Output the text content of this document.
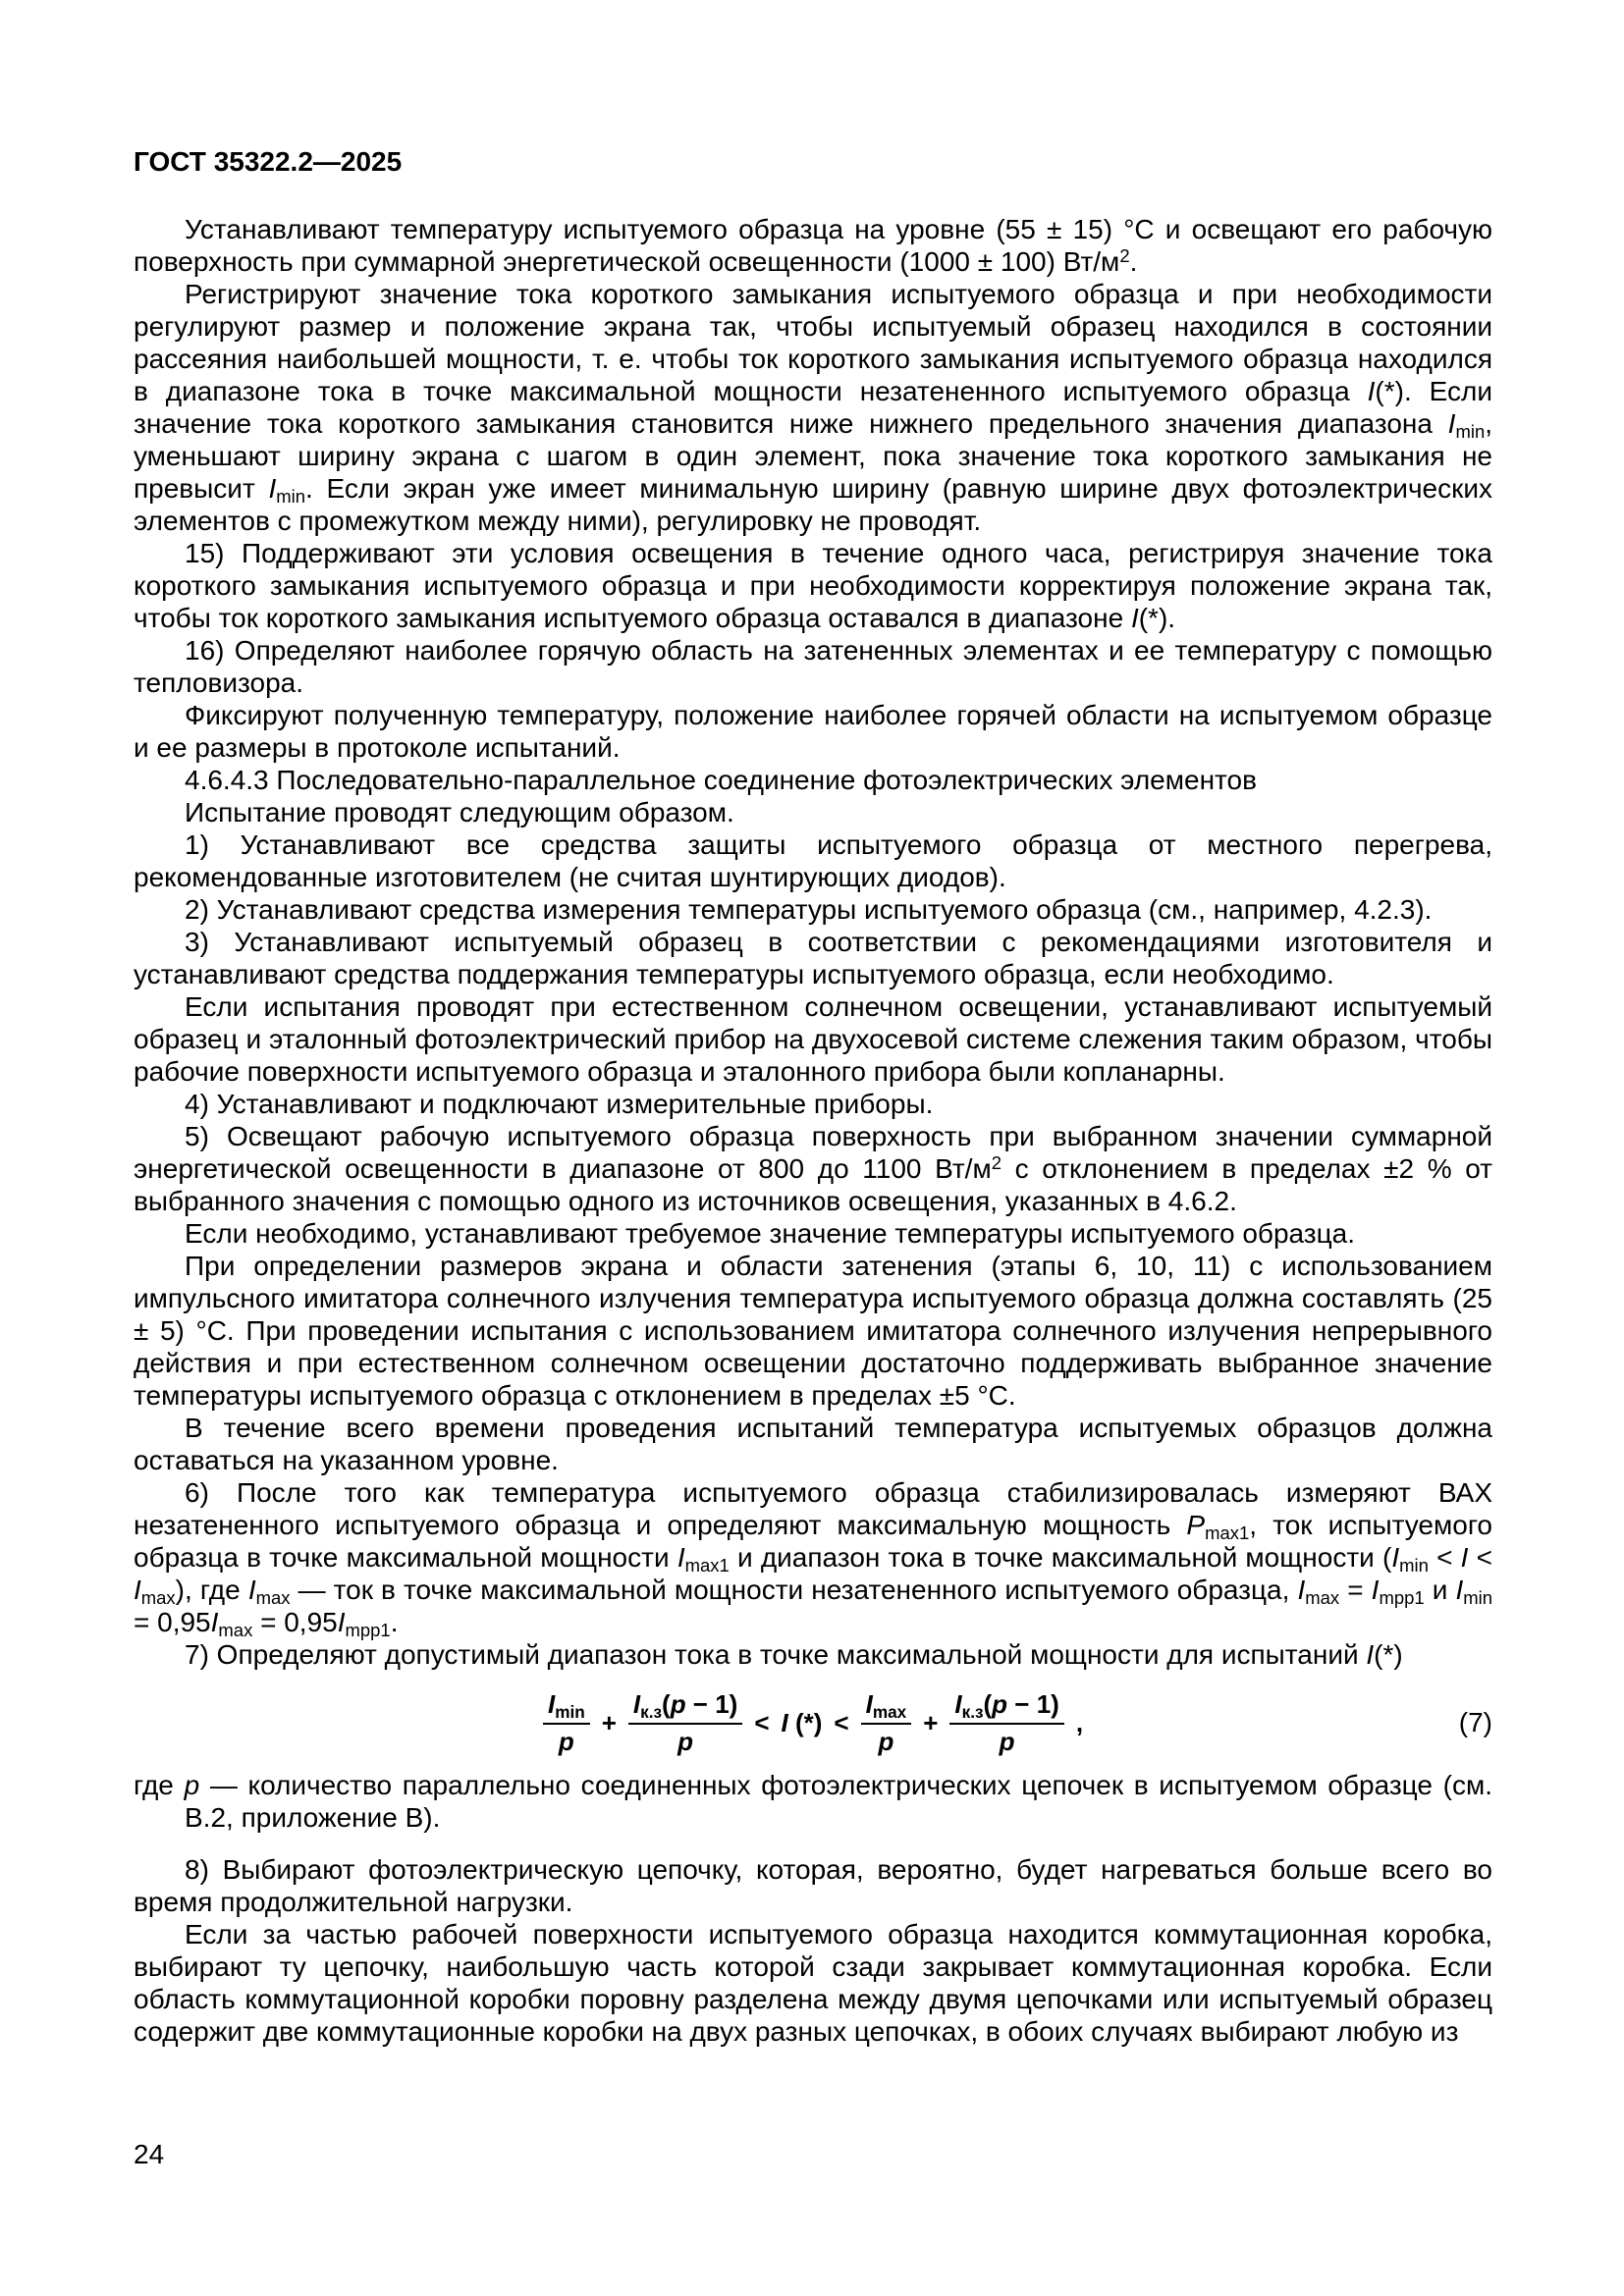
ГОСТ 35322.2—2025

Устанавливают температуру испытуемого образца на уровне (55 ± 15) °С и освещают его рабочую поверхность при суммарной энергетической освещенности (1000 ± 100) $Вт/м^2$.

Регистрируют значение тока короткого замыкания испытуемого образца и при необходимости регулируют размер и положение экрана так, чтобы испытуемый образец находился в состоянии рассеяния наибольшей мощности, т. е. чтобы ток короткого замыкания испытуемого образца находился в диапазоне тока в точке максимальной мощности незатененного испытуемого образца I(*). Если значение тока короткого замыкания становится ниже нижнего предельного значения диапазона $I_{min}$, уменьшают ширину экрана с шагом в один элемент, пока значение тока короткого замыкания не превысит $I_{min}$. Если экран уже имеет минимальную ширину (равную ширине двух фотоэлектрических элементов с промежутком между ними), регулировку не проводят.

15) Поддерживают эти условия освещения в течение одного часа, регистрируя значение тока короткого замыкания испытуемого образца и при необходимости корректируя положение экрана так, чтобы ток короткого замыкания испытуемого образца оставался в диапазоне I(*).

16) Определяют наиболее горячую область на затененных элементах и ее температуру с помощью тепловизора.

Фиксируют полученную температуру, положение наиболее горячей области на испытуемом образце и ее размеры в протоколе испытаний.

4.6.4.3 Последовательно-параллельное соединение фотоэлектрических элементов

Испытание проводят следующим образом.

1) Устанавливают все средства защиты испытуемого образца от местного перегрева, рекомендованные изготовителем (не считая шунтирующих диодов).

2) Устанавливают средства измерения температуры испытуемого образца (см., например, 4.2.3).

3) Устанавливают испытуемый образец в соответствии с рекомендациями изготовителя и устанавливают средства поддержания температуры испытуемого образца, если необходимо.

Если испытания проводят при естественном солнечном освещении, устанавливают испытуемый образец и эталонный фотоэлектрический прибор на двухосевой системе слежения таким образом, чтобы рабочие поверхности испытуемого образца и эталонного прибора были копланарны.

4) Устанавливают и подключают измерительные приборы.

5) Освещают рабочую испытуемого образца поверхность при выбранном значении суммарной энергетической освещенности в диапазоне от 800 до 1100 $Вт/м^2$ с отклонением в пределах ±2 % от выбранного значения с помощью одного из источников освещения, указанных в 4.6.2.

Если необходимо, устанавливают требуемое значение температуры испытуемого образца.

При определении размеров экрана и области затенения (этапы 6, 10, 11) с использованием импульсного имитатора солнечного излучения температура испытуемого образца должна составлять (25 ± 5) °С. При проведении испытания с использованием имитатора солнечного излучения непрерывного действия и при естественном солнечном освещении достаточно поддерживать выбранное значение температуры испытуемого образца с отклонением в пределах ±5 °С.

В течение всего времени проведения испытаний температура испытуемых образцов должна оставаться на указанном уровне.

6) После того как температура испытуемого образца стабилизировалась измеряют ВАХ незатененного испытуемого образца и определяют максимальную мощность $P_{max1}$, ток испытуемого образца в точке максимальной мощности $I_{max1}$ и диапазон тока в точке максимальной мощности $(I_{min} < I < I_{max})$, где $I_{max}$ — ток в точке максимальной мощности незатененного испытуемого образца, $I_{max} = I_{mpp1}$ и $I_{min} = 0,95I_{max} = 0,95I_{mpp1}$.

7) Определяют допустимый диапазон тока в точке максимальной мощности для испытаний I(*)

$\frac{I_{min}}{p} + \frac{I_{к.з}(p - 1)}{p} < I$ (*) < $\frac{I_{max}}{p} + \frac{I_{к.з}(p - 1)}{p}$ ,	(7)

где p — количество параллельно соединенных фотоэлектрических цепочек в испытуемом образце (см. В.2, приложение В).

8) Выбирают фотоэлектрическую цепочку, которая, вероятно, будет нагреваться больше всего во время продолжительной нагрузки.

Если за частью рабочей поверхности испытуемого образца находится коммутационная коробка, выбирают ту цепочку, наибольшую часть которой сзади закрывает коммутационная коробка. Если область коммутационной коробки поровну разделена между двумя цепочками или испытуемый образец содержит две коммутационные коробки на двух разных цепочках, в обоих случаях выбирают любую из

24
